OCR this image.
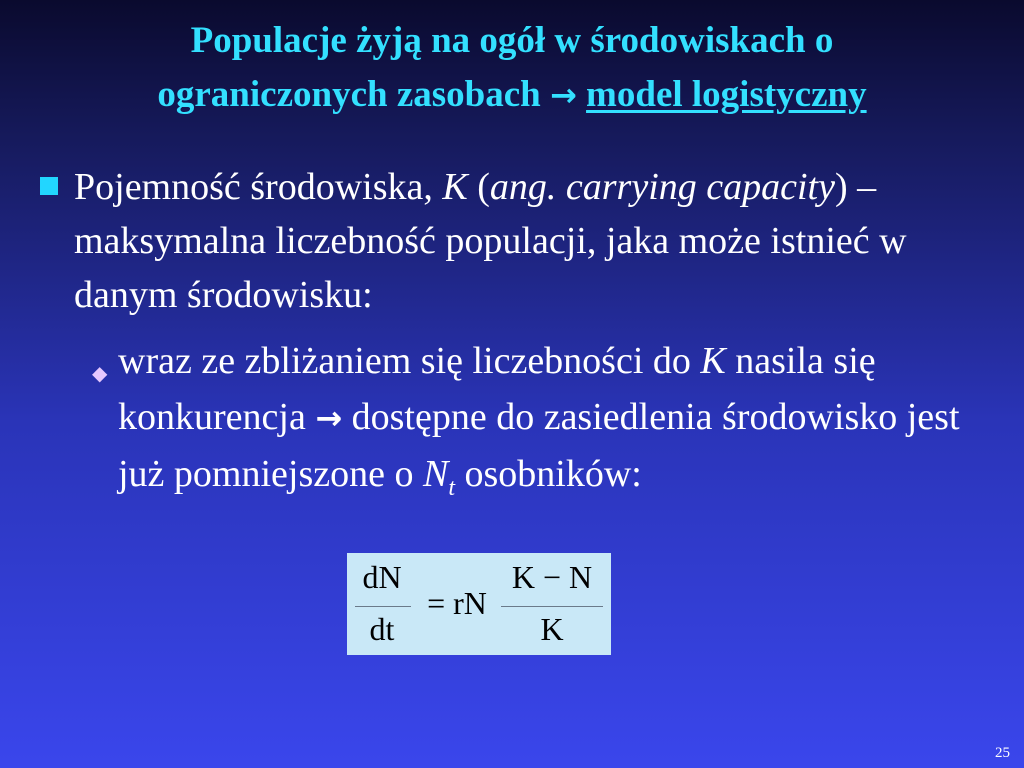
Populacje żyją na ogół w środowiskach o
ograniczonych zasobach → model logistyczny
Pojemność środowiska, K (ang. carrying capacity) – maksymalna liczebność populacji, jaka może istnieć w danym środowisku:
◆ wraz ze zbliżaniem się liczebności do K nasila się konkurencja → dostępne do zasiedlenia środowisko jest już pomniejszone o $N_t$ osobników:
dN
dt
= rN
K − N
K
25
